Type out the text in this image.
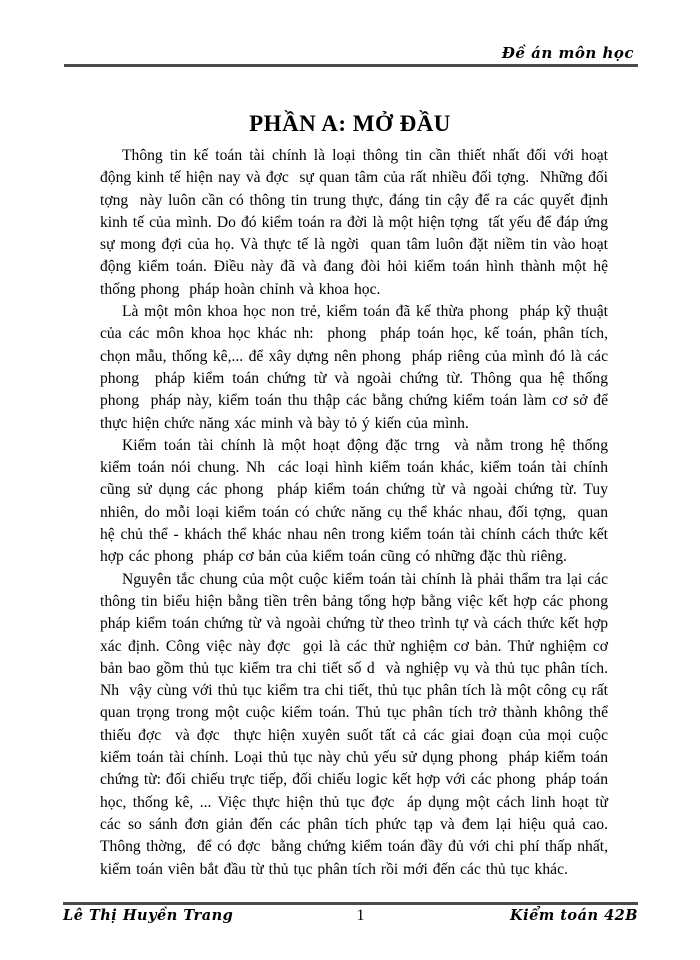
Đề án môn học
PHẦN A: MỞ ĐẦU

Thông tin kế toán tài chính là loại thông tin cần thiết nhất đối với hoạt động kinh tế hiện nay và đợc  sự quan tâm của rất nhiều đối tợng.  Những đối tợng  này luôn cần có thông tin trung thực, đáng tin cậy để ra các quyết định kinh tế của mình. Do đó kiểm toán ra đời là một hiện tợng  tất yếu để đáp ứng sự mong đợi của họ. Và thực tế là ngời  quan tâm luôn đặt niềm tin vào hoạt động kiểm toán. Điều này đã và đang đòi hỏi kiểm toán hình thành một hệ thống phong  pháp hoàn chỉnh và khoa học.

Là một môn khoa học non trẻ, kiểm toán đã kế thừa phong  pháp kỹ thuật của các môn khoa học khác nh:  phong  pháp toán học, kế toán, phân tích, chọn mẫu, thống kê,... để xây dựng nên phong  pháp riêng của mình đó là các phong  pháp kiểm toán chứng từ và ngoài chứng từ. Thông qua hệ thống phong  pháp này, kiểm toán thu thập các bằng chứng kiểm toán làm cơ sở để thực hiện chức năng xác minh và bày tỏ ý kiến của mình.

Kiểm toán tài chính là một hoạt động đặc trng  và nằm trong hệ thống kiểm toán nói chung. Nh  các loại hình kiểm toán khác, kiểm toán tài chính cũng sử dụng các phong  pháp kiểm toán chứng từ và ngoài chứng từ. Tuy nhiên, do mỗi loại kiểm toán có chức năng cụ thể khác nhau, đối tợng,  quan hệ chủ thể - khách thể khác nhau nên trong kiểm toán tài chính cách thức kết hợp các phong  pháp cơ bản của kiểm toán cũng có những đặc thù riêng.

Nguyên tắc chung của một cuộc kiểm toán tài chính là phải thẩm tra lại các thông tin biểu hiện bằng tiền trên bảng tổng hợp bằng việc kết hợp các phong pháp kiểm toán chứng từ và ngoài chứng từ theo trình tự và cách thức kết hợp xác định. Công việc này đợc  gọi là các thử nghiệm cơ bản. Thử nghiệm cơ bản bao gồm thủ tục kiểm tra chi tiết số d  và nghiệp vụ và thủ tục phân tích. Nh  vậy cùng với thủ tục kiểm tra chi tiết, thủ tục phân tích là một công cụ rất quan trọng trong một cuộc kiểm toán. Thủ tục phân tích trở thành không thể thiếu đợc  và đợc  thực hiện xuyên suốt tất cả các giai đoạn của mọi cuộc kiểm toán tài chính. Loại thủ tục này chủ yếu sử dụng phong  pháp kiểm toán chứng từ: đối chiếu trực tiếp, đối chiếu logic kết hợp với các phong  pháp toán học, thống kê, ... Việc thực hiện thủ tục đợc  áp dụng một cách linh hoạt từ các so sánh đơn giản đến các phân tích phức tạp và đem lại hiệu quả cao. Thông thờng,  để có đợc  bằng chứng kiểm toán đầy đủ với chi phí thấp nhất, kiểm toán viên bắt đầu từ thủ tục phân tích rồi mới đến các thủ tục khác.

Lê Thị Huyền Trang	1	Kiểm toán 42B
